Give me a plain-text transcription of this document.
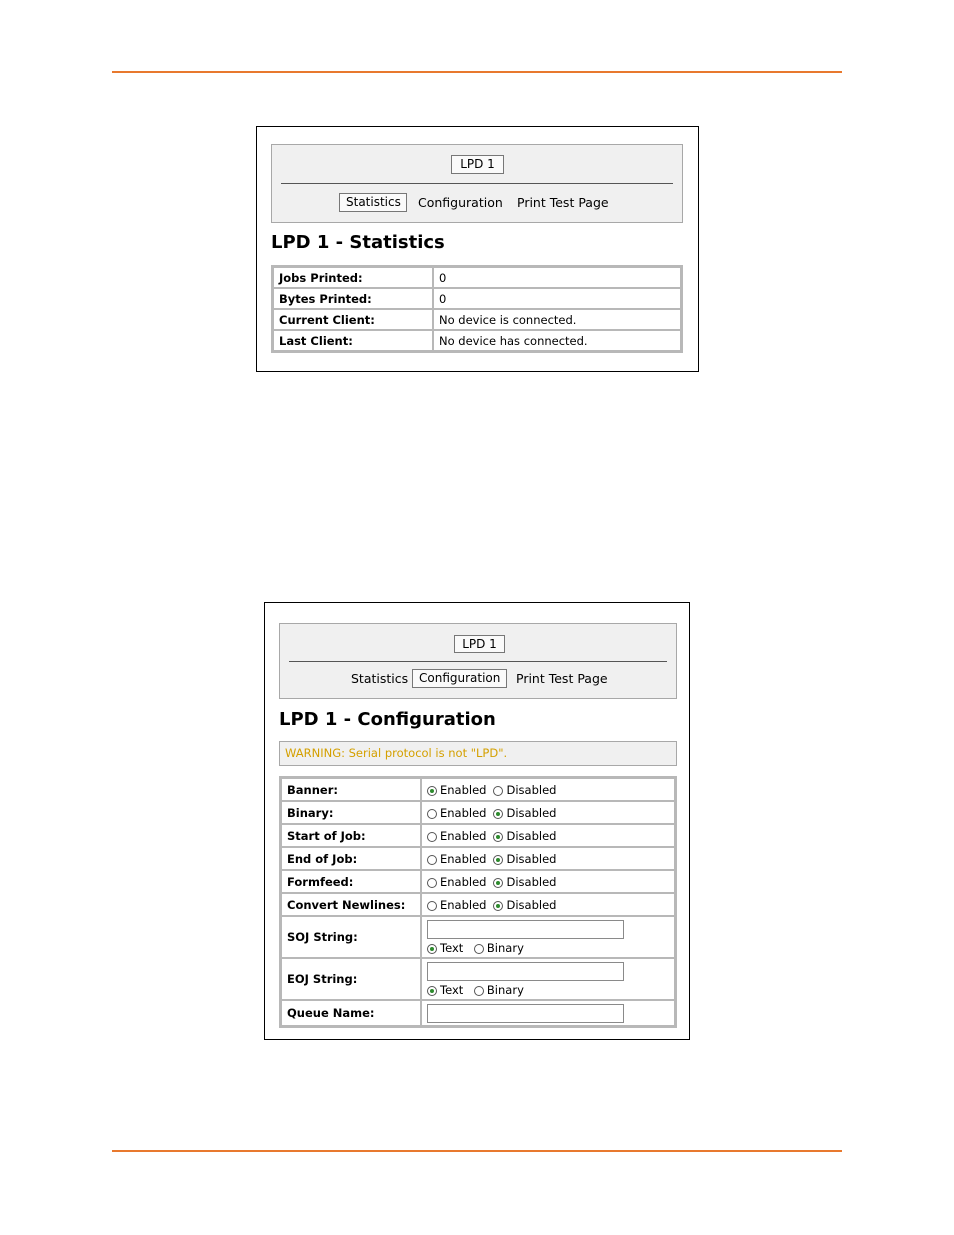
LPD 1
Statistics	Configuration Print Test Page
LPD 1 - Statistics
Jobs Printed:	0
Bytes Printed:	0
Current Client:	No device is connected.
Last Client:	No device has connected.
LPD 1
Statistics Configuration	Print Test Page
LPD 1 - Configuration
WARNING: Serial protocol is not "LPD".
Banner:	Enabled Disabled
Binary:	Enabled Disabled
Start of Job:	Enabled Disabled
End of Job:	Enabled Disabled
Formfeed:	Enabled Disabled
Convert Newlines:	Enabled Disabled
SOJ String:	Text Binary

EOJ String:	Text Binary

Queue Name:	
